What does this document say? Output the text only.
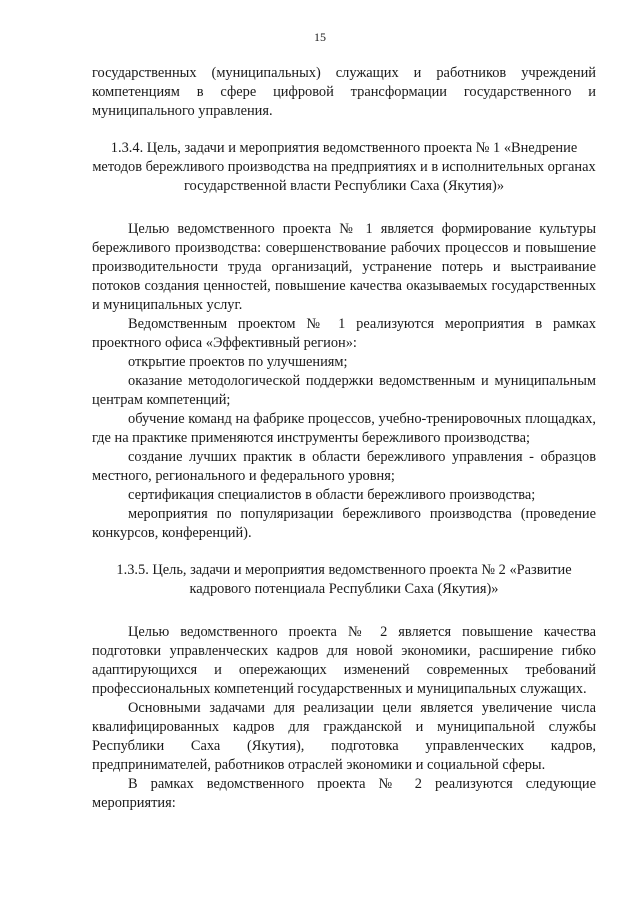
15

государственных (муниципальных) служащих и работников учреждений компетенциям в сфере цифровой трансформации государственного и муниципального управления.

1.3.4. Цель, задачи и мероприятия ведомственного проекта № 1 «Внедрение методов бережливого производства на предприятиях и в исполнительных органах государственной власти Республики Саха (Якутия)»

Целью ведомственного проекта № 1 является формирование культуры бережливого производства: совершенствование рабочих процессов и повышение производительности труда организаций, устранение потерь и выстраивание потоков создания ценностей, повышение качества оказываемых государственных и муниципальных услуг.

Ведомственным проектом № 1 реализуются мероприятия в рамках проектного офиса «Эффективный регион»:

открытие проектов по улучшениям;

оказание методологической поддержки ведомственным и муниципальным центрам компетенций;

обучение команд на фабрике процессов, учебно-тренировочных площадках, где на практике применяются инструменты бережливого производства;

создание лучших практик в области бережливого управления - образцов местного, регионального и федерального уровня;

сертификация специалистов в области бережливого производства;

мероприятия по популяризации бережливого производства (проведение конкурсов, конференций).

1.3.5. Цель, задачи и мероприятия ведомственного проекта № 2 «Развитие кадрового потенциала Республики Саха (Якутия)»

Целью ведомственного проекта № 2 является повышение качества подготовки управленческих кадров для новой экономики, расширение гибко адаптирующихся и опережающих изменений современных требований профессиональных компетенций государственных и муниципальных служащих.

Основными задачами для реализации цели является увеличение числа квалифицированных кадров для гражданской и муниципальной службы Республики Саха (Якутия), подготовка управленческих кадров, предпринимателей, работников отраслей экономики и социальной сферы.

В рамках ведомственного проекта № 2 реализуются следующие мероприятия:
